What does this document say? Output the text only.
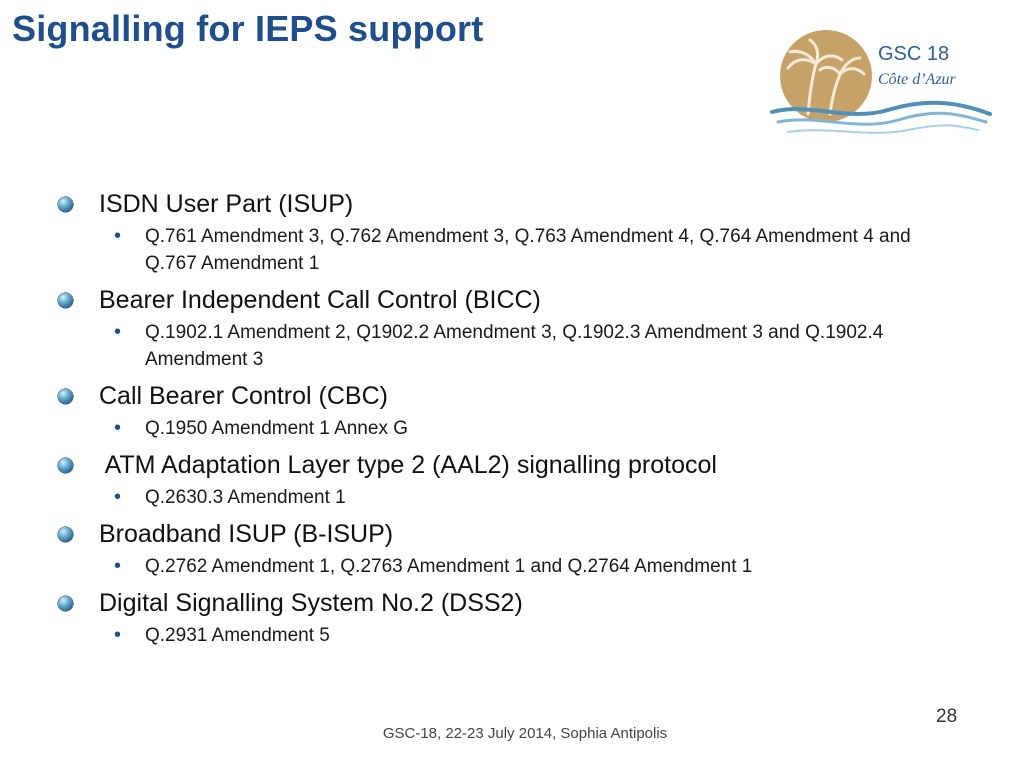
Signalling for IEPS support
GSC 18
Côte d’Azur
ISDN User Part (ISUP)
•	Q.761 Amendment 3, Q.762 Amendment 3, Q.763 Amendment 4, Q.764 Amendment 4 and Q.767 Amendment 1
Bearer Independent Call Control (BICC)
•	Q.1902.1 Amendment 2, Q1902.2 Amendment 3, Q.1902.3 Amendment 3 and Q.1902.4 Amendment 3
Call Bearer Control (CBC)
•	Q.1950 Amendment 1 Annex G
ATM Adaptation Layer type 2 (AAL2) signalling protocol
•	Q.2630.3 Amendment 1
Broadband ISUP (B-ISUP)
•	Q.2762 Amendment 1, Q.2763 Amendment 1 and Q.2764 Amendment 1
Digital Signalling System No.2 (DSS2)
•	Q.2931 Amendment 5
28
GSC-18, 22-23 July 2014, Sophia Antipolis
